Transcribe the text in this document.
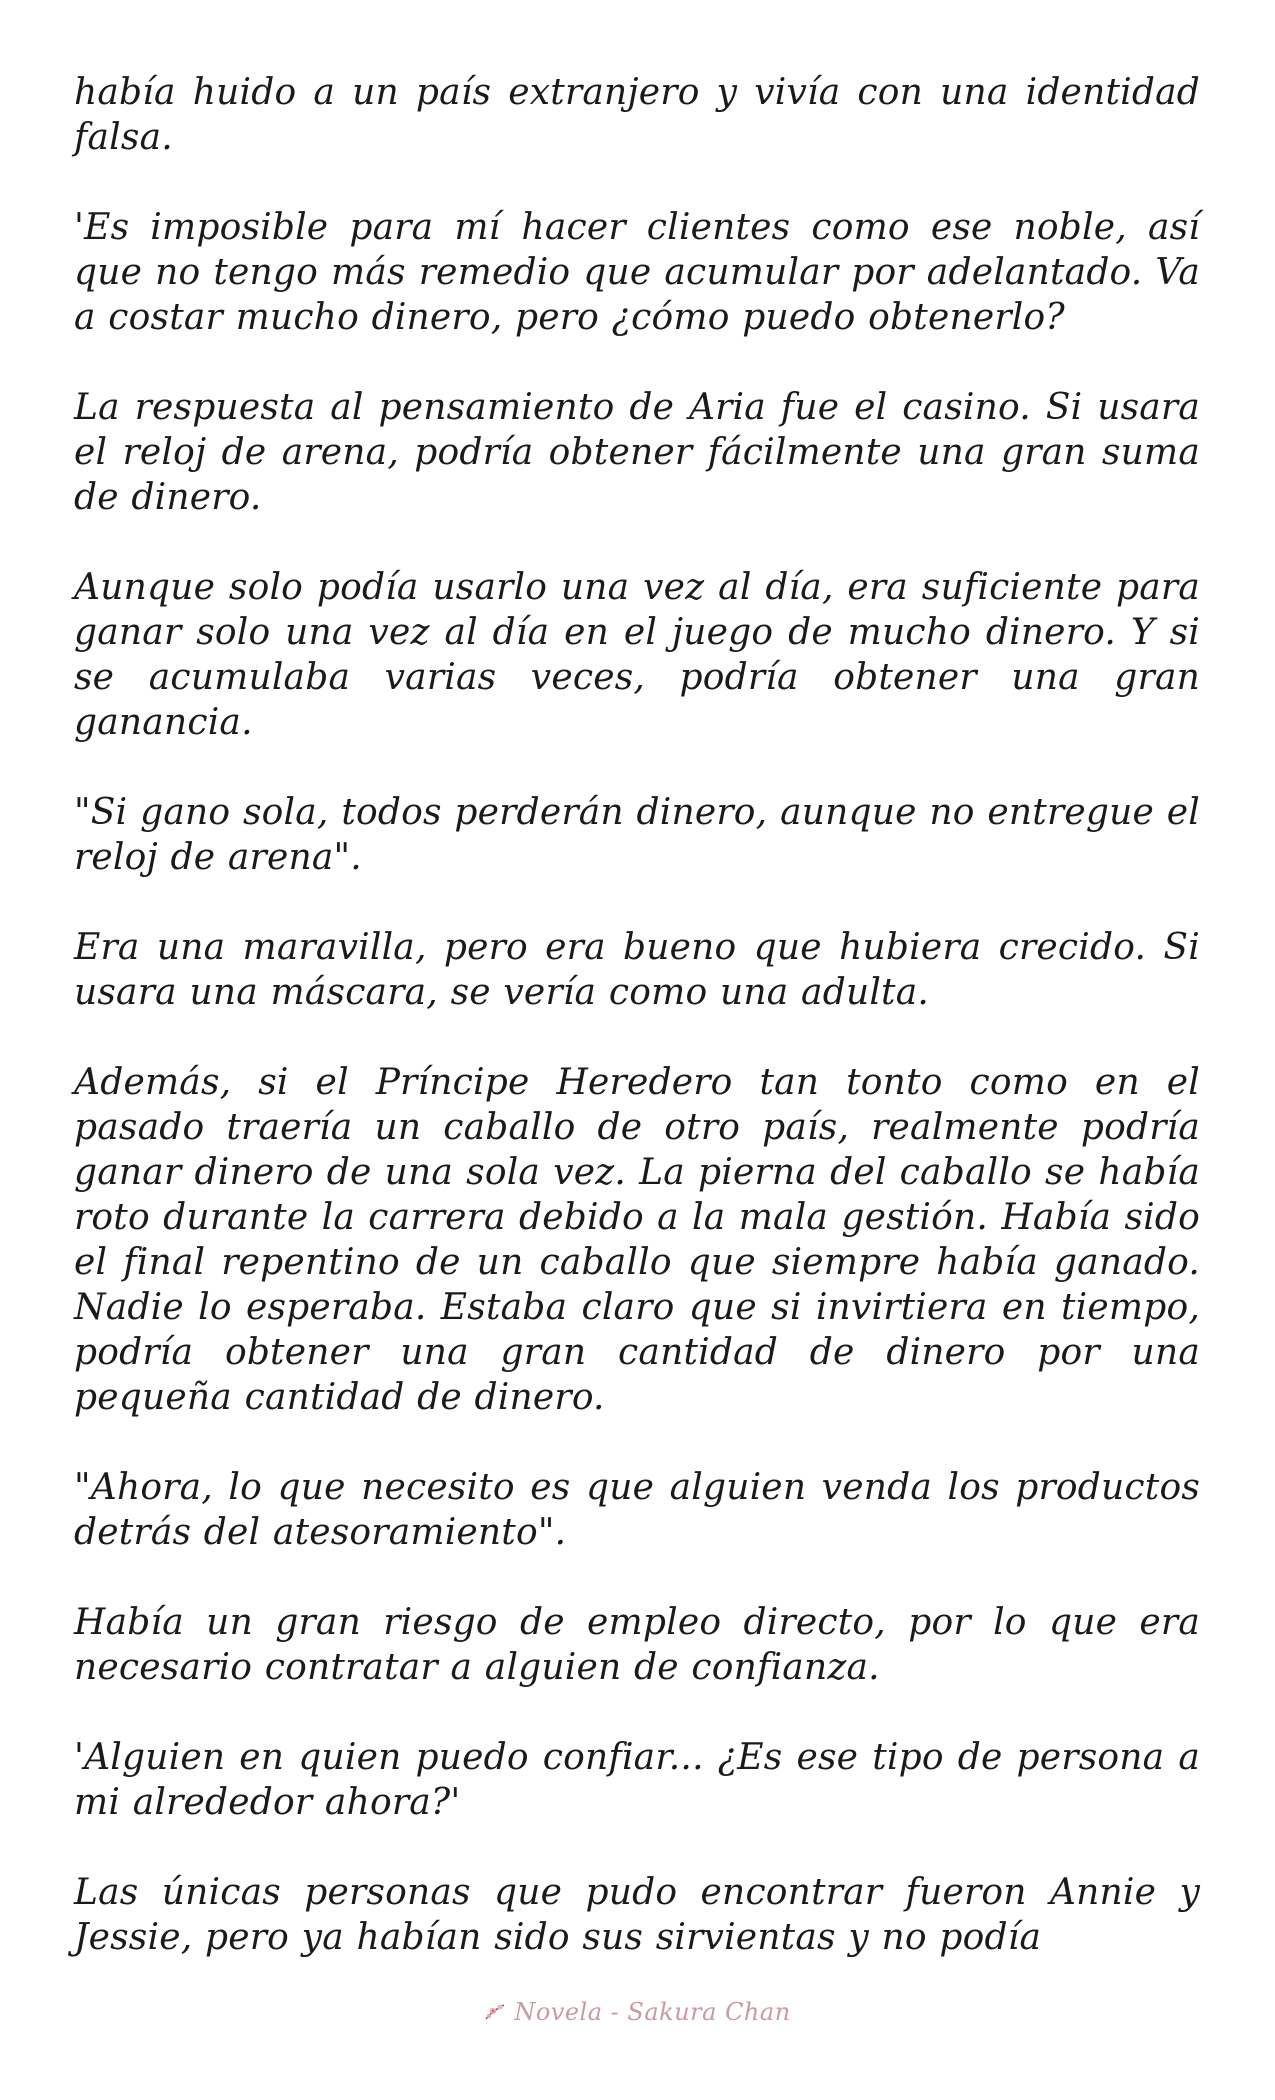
había huido a un país extranjero y vivía con una identidad falsa.

'Es imposible para mí hacer clientes como ese noble, así que no tengo más remedio que acumular por adelantado. Va a costar mucho dinero, pero ¿cómo puedo obtenerlo?

La respuesta al pensamiento de Aria fue el casino. Si usara el reloj de arena, podría obtener fácilmente una gran suma de dinero.

Aunque solo podía usarlo una vez al día, era suficiente para ganar solo una vez al día en el juego de mucho dinero. Y si se acumulaba varias veces, podría obtener una gran ganancia.

"Si gano sola, todos perderán dinero, aunque no entregue el reloj de arena".

Era una maravilla, pero era bueno que hubiera crecido. Si usara una máscara, se vería como una adulta.

Además, si el Príncipe Heredero tan tonto como en el pasado traería un caballo de otro país, realmente podría ganar dinero de una sola vez. La pierna del caballo se había roto durante la carrera debido a la mala gestión. Había sido el final repentino de un caballo que siempre había ganado. Nadie lo esperaba. Estaba claro que si invirtiera en tiempo, podría obtener una gran cantidad de dinero por una pequeña cantidad de dinero.

"Ahora, lo que necesito es que alguien venda los productos detrás del atesoramiento".

Había un gran riesgo de empleo directo, por lo que era necesario contratar a alguien de confianza.

'Alguien en quien puedo confiar... ¿Es ese tipo de persona a mi alrededor ahora?'

Las únicas personas que pudo encontrar fueron Annie y Jessie, pero ya habían sido sus sirvientas y no podía

Novela - Sakura Chan
